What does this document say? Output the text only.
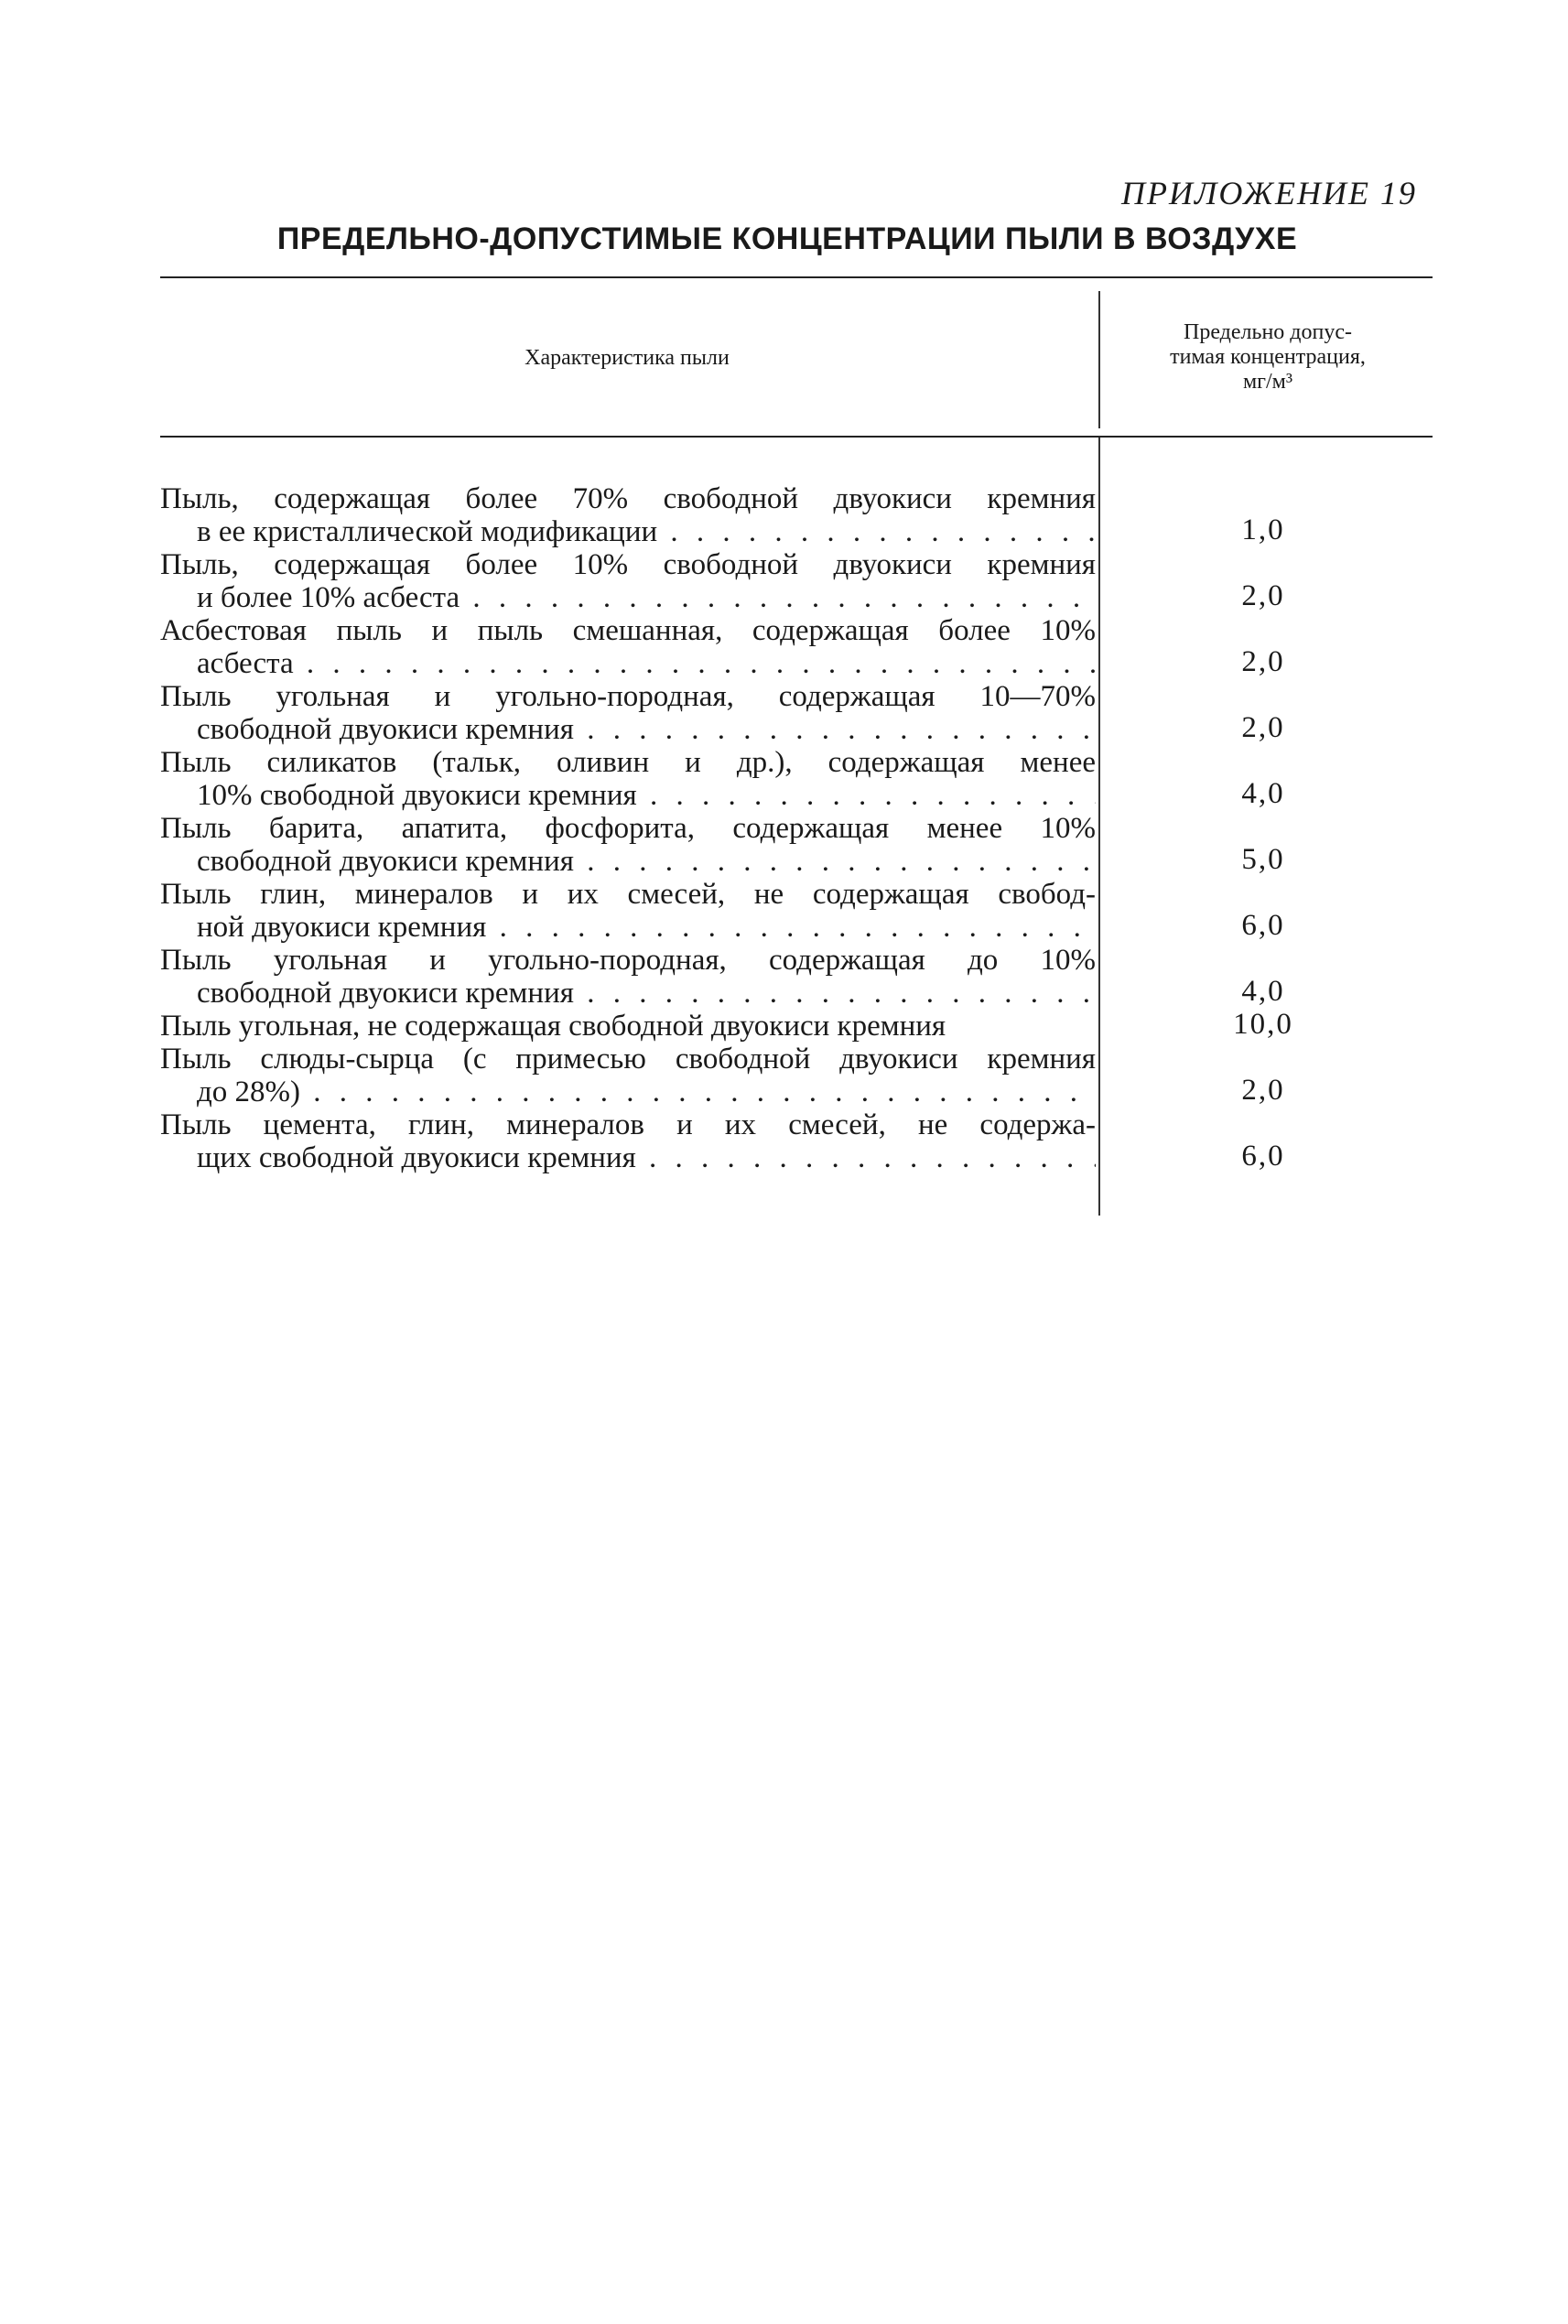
ПРИЛОЖЕНИЕ 19
ПРЕДЕЛЬНО-ДОПУСТИМЫЕ КОНЦЕНТРАЦИИ ПЫЛИ В ВОЗДУХЕ
Характеристика пыли
Предельно допус-
тимая концентрация,
мг/м³
Пыль, содержащая более 70% свободной двуокиси кремния
в ее кристаллической модификации . . .	1,0
Пыль, содержащая более 10% свободной двуокиси кремния
и более 10% асбеста . . .	2,0
Асбестовая пыль и пыль смешанная, содержащая более 10%
асбеста . . .	2,0
Пыль угольная и угольно-породная, содержащая 10—70%
свободной двуокиси кремния . . .	2,0
Пыль силикатов (тальк, оливин и др.), содержащая менее
10% свободной двуокиси кремния . . .	4,0
Пыль барита, апатита, фосфорита, содержащая менее 10%
свободной двуокиси кремния . . .	5,0
Пыль глин, минералов и их смесей, не содержащая свобод-
ной двуокиси кремния . . .	6,0
Пыль угольная и угольно-породная, содержащая до 10%
свободной двуокиси кремния . . .	4,0
Пыль угольная, не содержащая свободной двуокиси кремния	10,0
Пыль слюды-сырца (с примесью свободной двуокиси кремния
до 28%) . . .	2,0
Пыль цемента, глин, минералов и их смесей, не содержа-
щих свободной двуокиси кремния . . .	6,0
